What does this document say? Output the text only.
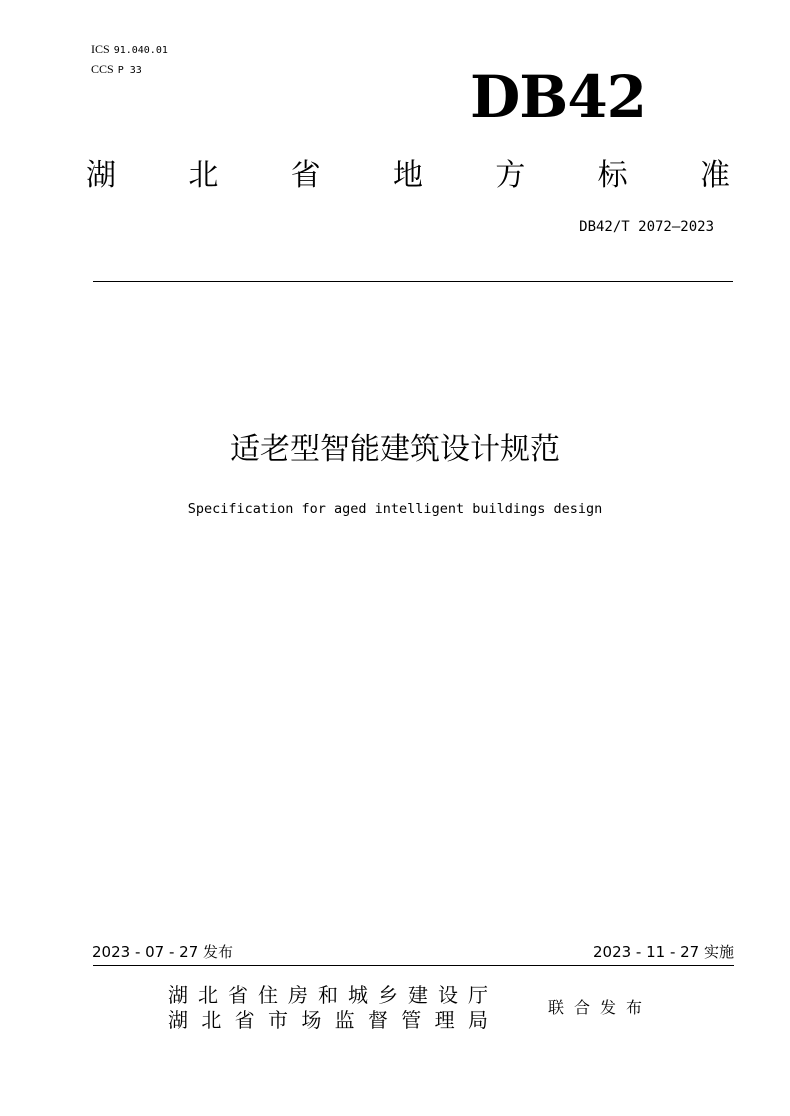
ICS 91.040.01
CCS P 33	DB42
湖 北 省 地 方 标 准
DB42/T 2072—2023
适老型智能建筑设计规范
Specification for aged intelligent buildings design
2023 - 07 - 27 发布	2023 - 11 - 27 实施
湖 北 省 住 房 和 城 乡 建 设 厅
湖 北 省 市 场 监 督 管 理 局
联合发布
